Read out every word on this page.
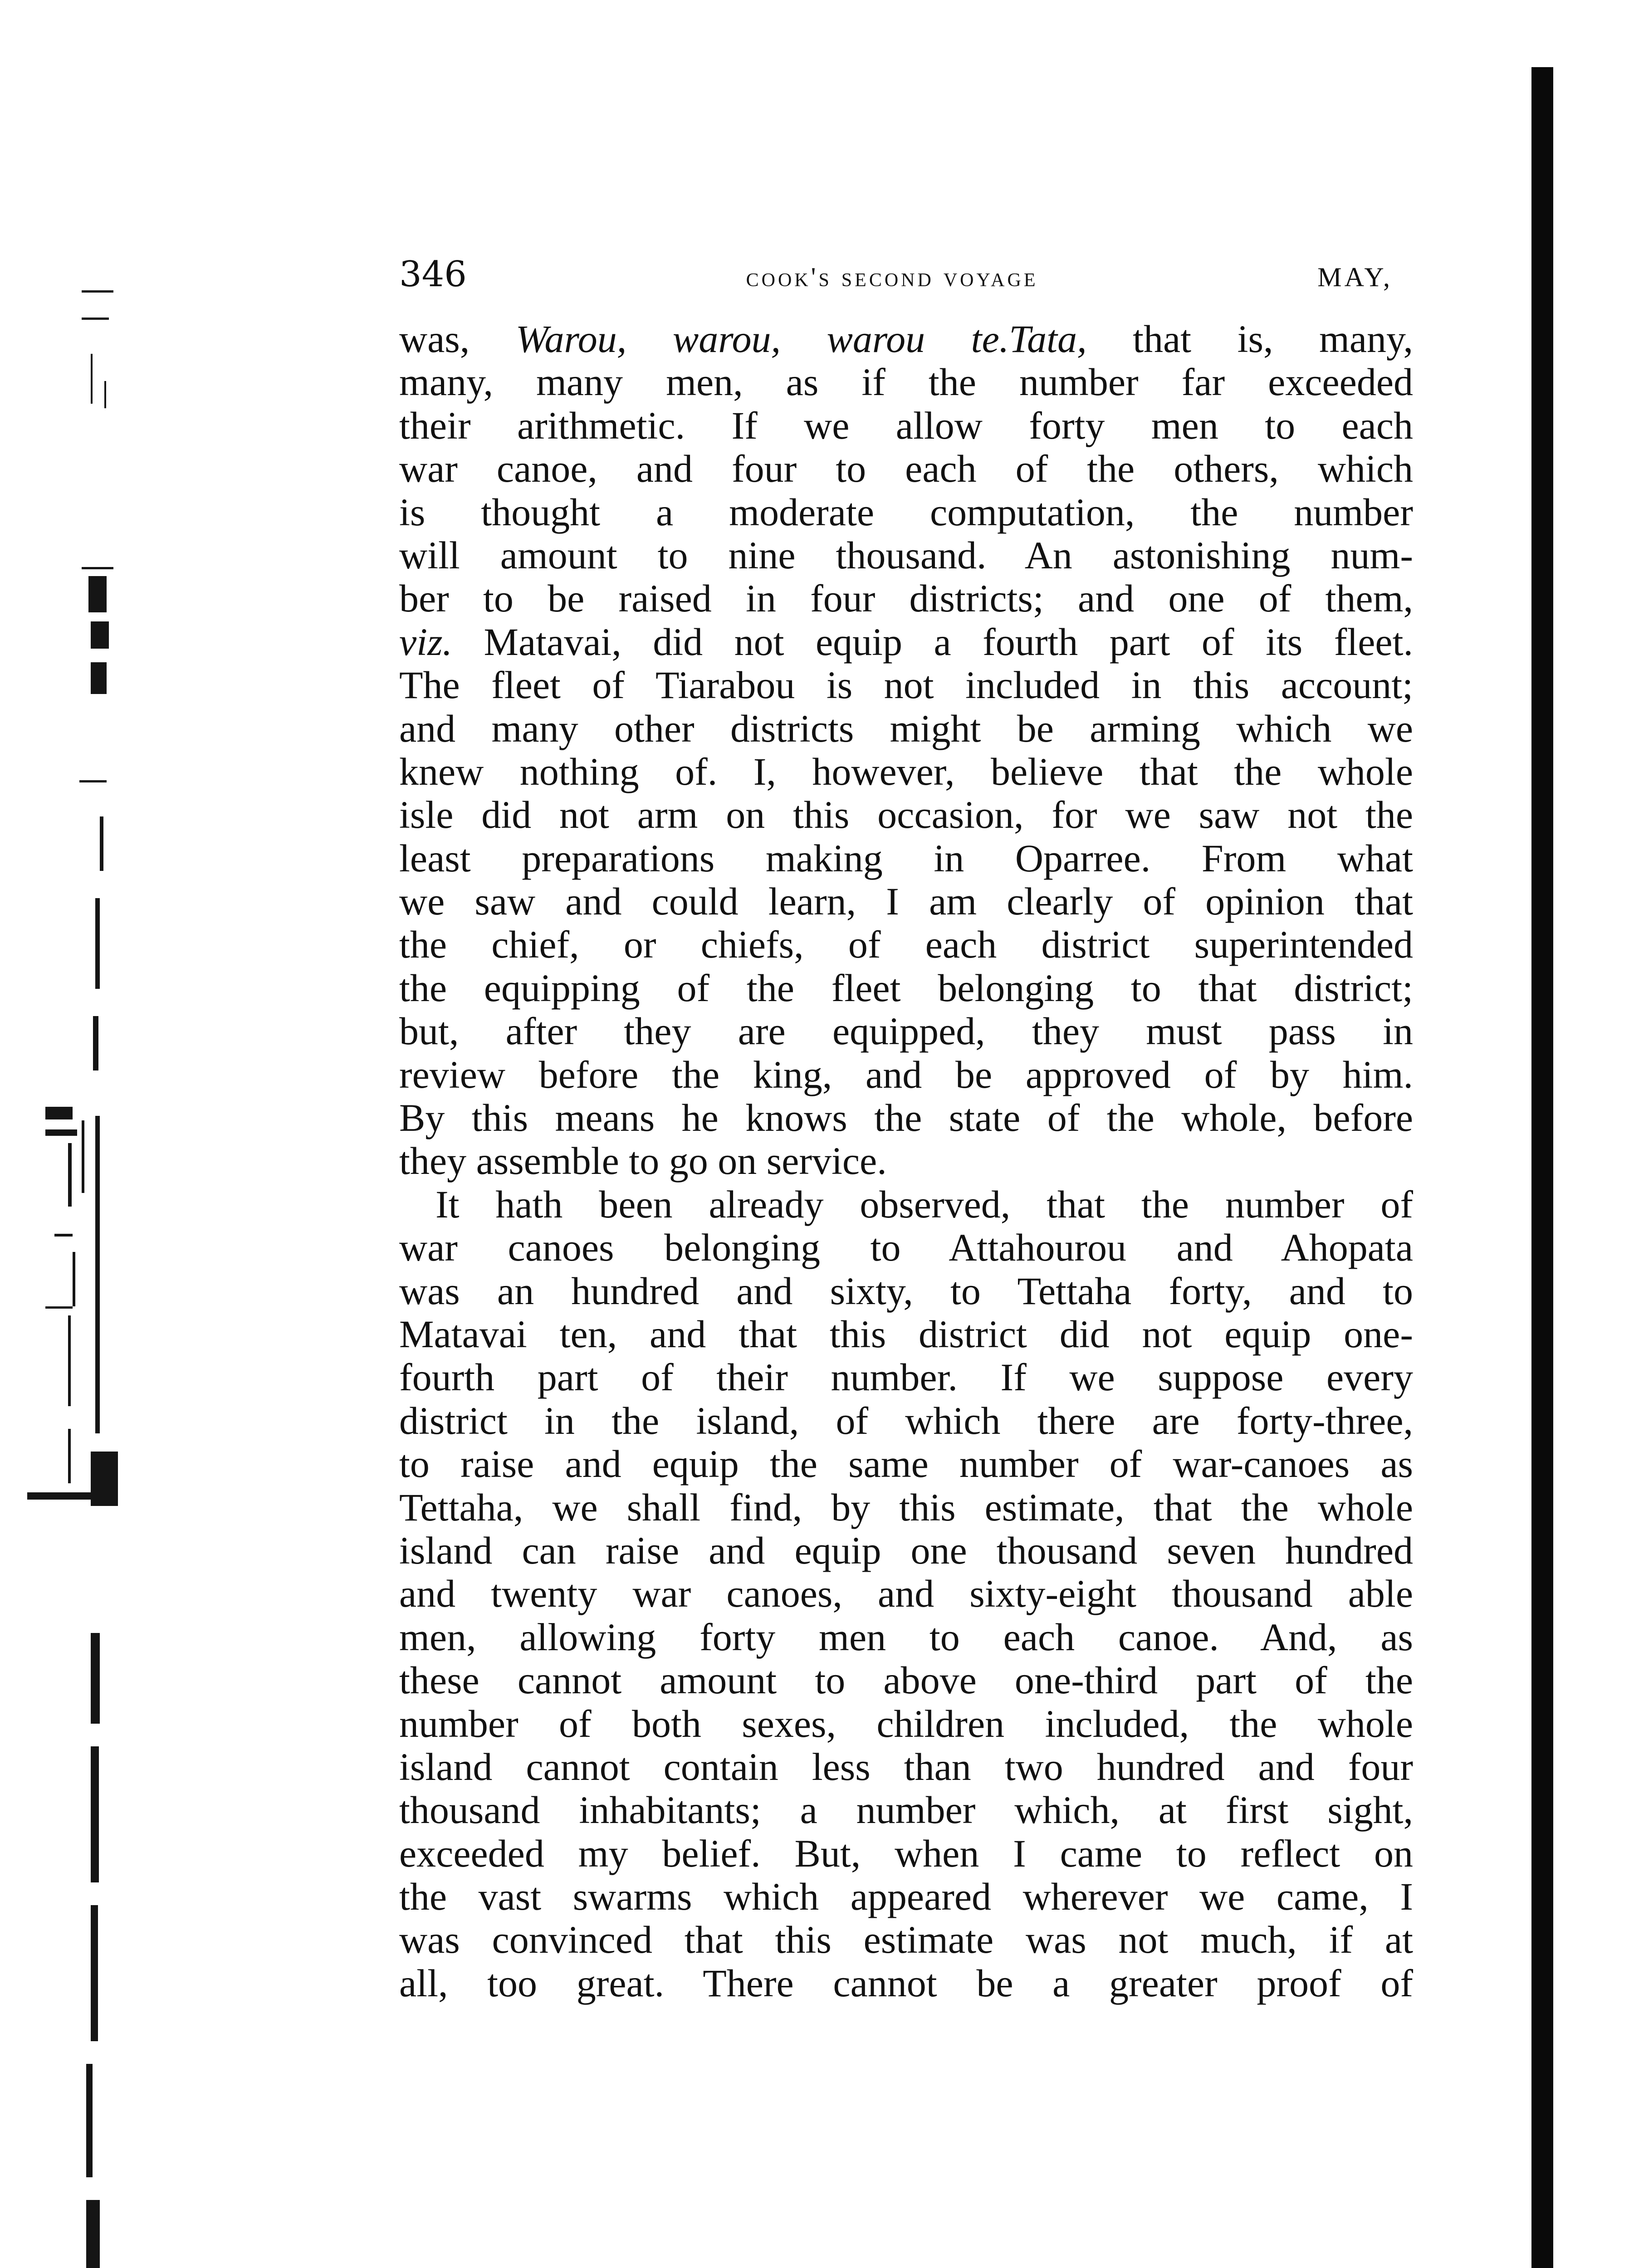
346	cook's second voyage	MAY,
was, Warou, warou, warou te.Tata, that is, many,
many, many men, as if the number far exceeded
their arithmetic. If we allow forty men to each
war canoe, and four to each of the others, which
is thought a moderate computation, the number
will amount to nine thousand. An astonishing num-
ber to be raised in four districts; and one of them,
viz. Matavai, did not equip a fourth part of its fleet.
The fleet of Tiarabou is not included in this account;
and many other districts might be arming which we
knew nothing of. I, however, believe that the whole
isle did not arm on this occasion, for we saw not the
least preparations making in Oparree. From what
we saw and could learn, I am clearly of opinion that
the chief, or chiefs, of each district superintended
the equipping of the fleet belonging to that district;
but, after they are equipped, they must pass in
review before the king, and be approved of by him.
By this means he knows the state of the whole, before
they assemble to go on service.
It hath been already observed, that the number of
war canoes belonging to Attahourou and Ahopata
was an hundred and sixty, to Tettaha forty, and to
Matavai ten, and that this district did not equip one-
fourth part of their number. If we suppose every
district in the island, of which there are forty-three,
to raise and equip the same number of war-canoes as
Tettaha, we shall find, by this estimate, that the whole
island can raise and equip one thousand seven hundred
and twenty war canoes, and sixty-eight thousand able
men, allowing forty men to each canoe. And, as
these cannot amount to above one-third part of the
number of both sexes, children included, the whole
island cannot contain less than two hundred and four
thousand inhabitants; a number which, at first sight,
exceeded my belief. But, when I came to reflect on
the vast swarms which appeared wherever we came, I
was convinced that this estimate was not much, if at
all, too great. There cannot be a greater proof of
